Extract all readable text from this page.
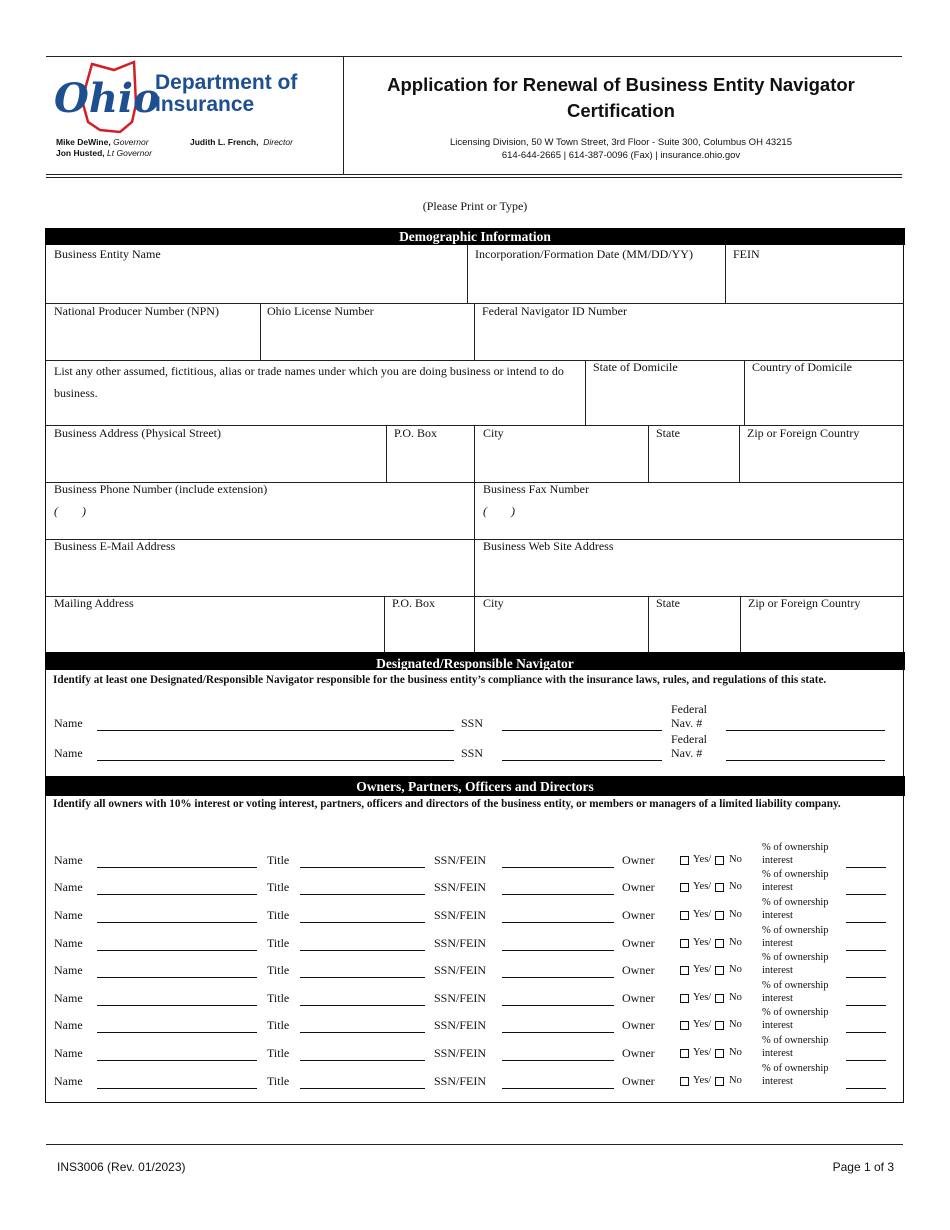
Ohio
Department of
Insurance
Mike DeWine, Governor
Jon Husted, Lt Governor
Judith L. French, Director
Application for Renewal of Business Entity Navigator
Certification
Licensing Division, 50 W Town Street, 3rd Floor - Suite 300, Columbus OH 43215
614-644-2665 | 614-387-0096 (Fax) | insurance.ohio.gov
(Please Print or Type)
Demographic Information
Business Entity Name	Incorporation/Formation Date (MM/DD/YY)	FEIN
National Producer Number (NPN)	Ohio License Number	Federal Navigator ID Number
List any other assumed, fictitious, alias or trade names under which you are doing business or intend to do business.
State of Domicile	Country of Domicile
Business Address (Physical Street)	P.O. Box	City	State	Zip or Foreign Country
Business Phone Number (include extension)
(        )
Business Fax Number
(        )
Business E-Mail Address	Business Web Site Address
Mailing Address	P.O. Box	City	State	Zip or Foreign Country
Designated/Responsible Navigator
Identify at least one Designated/Responsible Navigator responsible for the business entity’s compliance with the insurance laws, rules, and regulations of this state.
Name	SSN
Federal
Nav. #
Name	SSN
Federal
Nav. #
Owners, Partners, Officers and Directors
Identify all owners with 10% interest or voting interest, partners, officers and directors of the business entity, or members or managers of a limited liability company.
Name	Title	SSN/FEIN	Owner	Yes/ No
% of ownership
interest
Name	Title	SSN/FEIN	Owner	Yes/ No
% of ownership
interest
Name	Title	SSN/FEIN	Owner	Yes/ No
% of ownership
interest
Name	Title	SSN/FEIN	Owner	Yes/ No
% of ownership
interest
Name	Title	SSN/FEIN	Owner	Yes/ No
% of ownership
interest
Name	Title	SSN/FEIN	Owner	Yes/ No
% of ownership
interest
Name	Title	SSN/FEIN	Owner	Yes/ No
% of ownership
interest
Name	Title	SSN/FEIN	Owner	Yes/ No
% of ownership
interest
Name	Title	SSN/FEIN	Owner	Yes/ No
% of ownership
interest
INS3006 (Rev. 01/2023)	Page 1 of 3
